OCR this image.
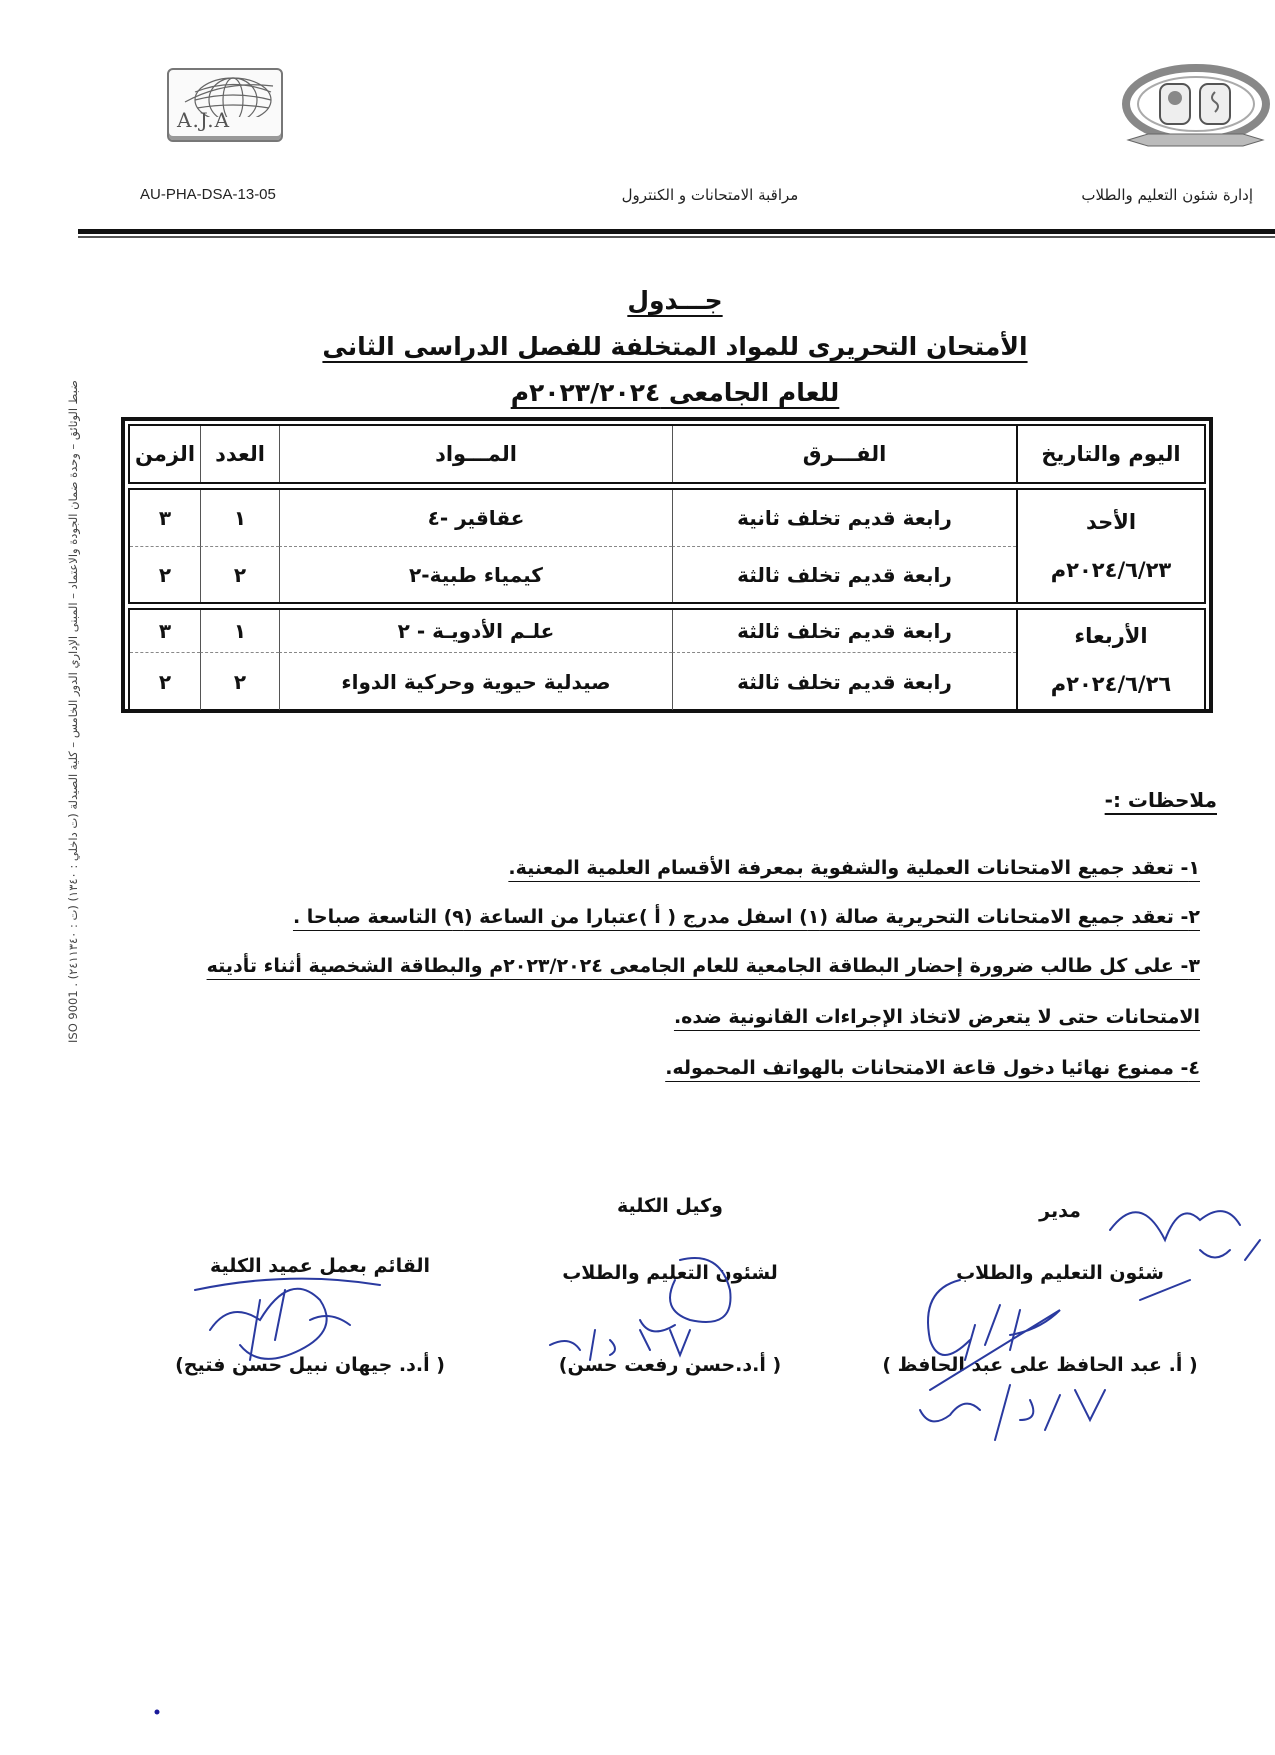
A.J.A
AU-PHA-DSA-13-05	مراقبة الامتحانات و الكنترول	إدارة شئون التعليم والطلاب
ضبط الوثائق – وحدة ضمان الجودة والاعتماد – المبنى الإداري الدور الخامس – كلية الصيدلة (ت داخلي : ١٣٤٠) (ت : ٢٤١١٣٤٠) . ISO 9001
جـــدول
الأمتحان التحريرى للمواد المتخلفة للفصل الدراسى الثانى
للعام الجامعى ٢٠٢٣/٢٠٢٤م
اليوم والتاريخ	الفـــرق	المـــواد	العدد	الزمن
الأحد
٢٠٢٤/٦/٢٣م	رابعة قديم تخلف ثانية	عقاقير -٤	١	٣
	رابعة قديم تخلف ثالثة	كيمياء طبية-٢	٢	٢
الأربعاء
٢٠٢٤/٦/٢٦م	رابعة قديم تخلف ثالثة	علـم الأدويـة - ٢	١	٣
	رابعة قديم تخلف ثالثة	صيدلية حيوية وحركية الدواء	٢	٢
ملاحظات :-
١- تعقد جميع الامتحانات العملية والشفوية بمعرفة الأقسام العلمية المعنية.
٢- تعقد جميع الامتحانات التحريرية صالة (١) اسفل مدرج ( أ )عتبارا من الساعة (٩) التاسعة صباحا .
٣- على كل طالب ضرورة إحضار البطاقة الجامعية للعام الجامعى ٢٠٢٣/٢٠٢٤م والبطاقة الشخصية أثناء تأديته
الامتحانات حتى لا يتعرض لاتخاذ الإجراءات القانونية ضده.
٤- ممنوع نهائيا دخول قاعة الامتحانات بالهواتف المحموله.
مدير
شئون التعليم والطلاب
( أ. عبد الحافظ على عبد الحافظ )
وكيل الكلية
لشئون التعليم والطلاب
( أ.د.حسن رفعت حسن)
القائم بعمل عميد الكلية
( أ.د. جيهان نبيل حسن فتيح)
